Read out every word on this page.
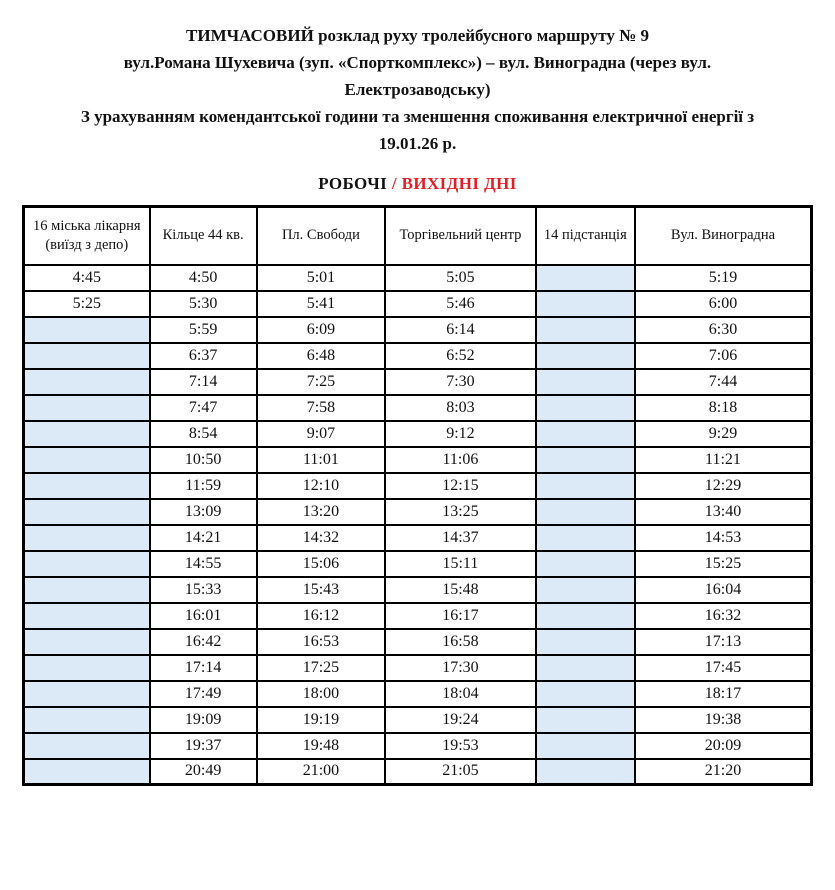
ТИМЧАСОВИЙ розклад руху тролейбусного маршруту № 9
вул.Романа Шухевича (зуп. «Спорткомплекс») – вул. Виноградна (через вул.
Електрозаводську)
З урахуванням комендантської години та зменшення споживання електричної енергії з
19.01.26 р.
РОБОЧІ / ВИХІДНІ ДНІ
16 міська лікарня (виїзд з депо)	Кільце 44 кв.	Пл. Свободи	Торгівельний центр	14 підстанція	Вул. Виноградна
4:45	4:50	5:01	5:05		5:19
5:25	5:30	5:41	5:46		6:00
	5:59	6:09	6:14		6:30
	6:37	6:48	6:52		7:06
	7:14	7:25	7:30		7:44
	7:47	7:58	8:03		8:18
	8:54	9:07	9:12		9:29
	10:50	11:01	11:06		11:21
	11:59	12:10	12:15		12:29
	13:09	13:20	13:25		13:40
	14:21	14:32	14:37		14:53
	14:55	15:06	15:11		15:25
	15:33	15:43	15:48		16:04
	16:01	16:12	16:17		16:32
	16:42	16:53	16:58		17:13
	17:14	17:25	17:30		17:45
	17:49	18:00	18:04		18:17
	19:09	19:19	19:24		19:38
	19:37	19:48	19:53		20:09
	20:49	21:00	21:05		21:20
